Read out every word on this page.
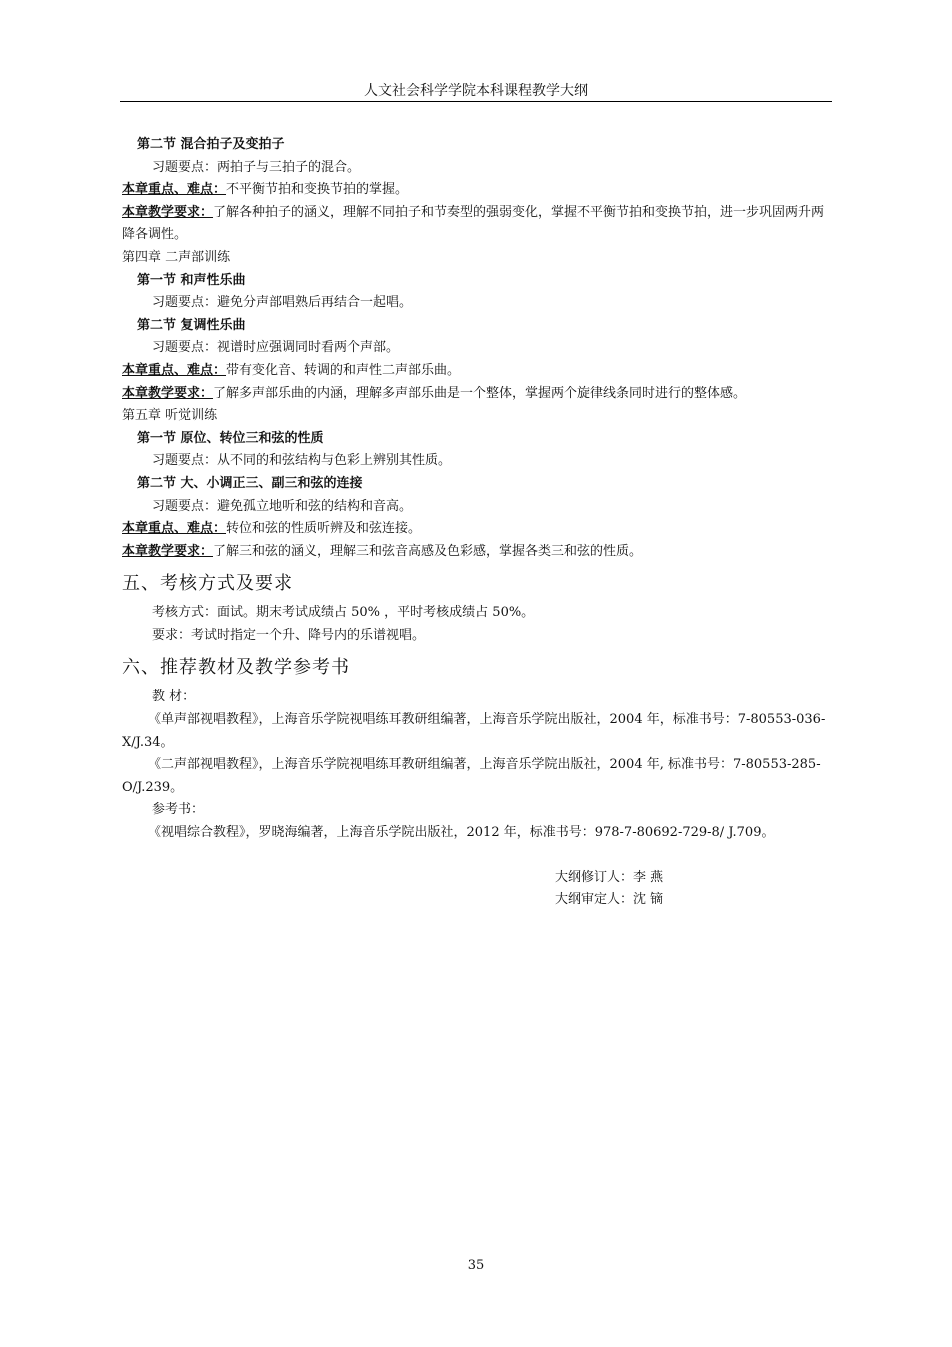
人文社会科学学院本科课程教学大纲
第二节 混合拍子及变拍子
习题要点：两拍子与三拍子的混合。
本章重点、难点：不平衡节拍和变换节拍的掌握。
本章教学要求：了解各种拍子的涵义，理解不同拍子和节奏型的强弱变化，掌握不平衡节拍和变换节拍，进一步巩固两升两降各调性。
第四章 二声部训练
第一节 和声性乐曲
习题要点：避免分声部唱熟后再结合一起唱。
第二节 复调性乐曲
习题要点：视谱时应强调同时看两个声部。
本章重点、难点：带有变化音、转调的和声性二声部乐曲。
本章教学要求：了解多声部乐曲的内涵，理解多声部乐曲是一个整体，掌握两个旋律线条同时进行的整体感。
第五章 听觉训练
第一节 原位、转位三和弦的性质
习题要点：从不同的和弦结构与色彩上辨别其性质。
第二节 大、小调正三、副三和弦的连接
习题要点：避免孤立地听和弦的结构和音高。
本章重点、难点：转位和弦的性质听辨及和弦连接。
本章教学要求：了解三和弦的涵义，理解三和弦音高感及色彩感，掌握各类三和弦的性质。
五、考核方式及要求
考核方式：面试。期末考试成绩占 50% ，平时考核成绩占 50%。
要求：考试时指定一个升、降号内的乐谱视唱。
六、推荐教材及教学参考书
教 材：
《单声部视唱教程》，上海音乐学院视唱练耳教研组编著，上海音乐学院出版社，2004 年，标准书号：7-80553-036-X/J.34。
《二声部视唱教程》，上海音乐学院视唱练耳教研组编著，上海音乐学院出版社，2004 年, 标准书号：7-80553-285-O/J.239。
参考书：
《视唱综合教程》，罗晓海编著，上海音乐学院出版社，2012 年，标准书号：978-7-80692-729-8/ J.709。
大纲修订人：李 燕
大纲审定人：沈 镝
35
